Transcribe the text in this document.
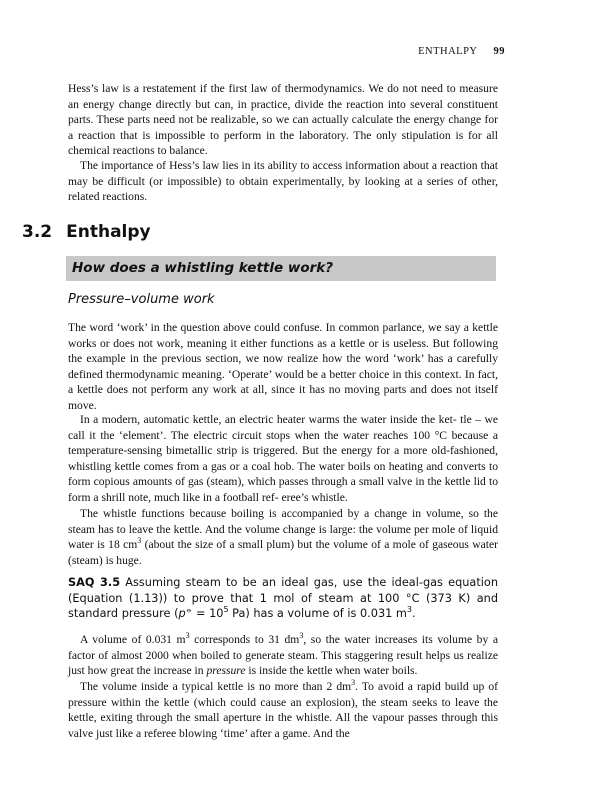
ENTHALPY 99

Hess’s law is a restatement if the first law of thermodynamics. We do not need to measure an energy change directly but can, in practice, divide the reaction into several constituent parts. These parts need not be realizable, so we can actually calculate the energy change for a reaction that is impossible to perform in the laboratory. The only stipulation is for all chemical reactions to balance.

The importance of Hess’s law lies in its ability to access information about a reaction that may be difficult (or impossible) to obtain experimentally, by looking at a series of other, related reactions.

3.2 Enthalpy
How does a whistling kettle work?
Pressure–volume work

The word ‘work’ in the question above could confuse. In common parlance, we say a kettle works or does not work, meaning it either functions as a kettle or is useless. But following the example in the previous section, we now realize how the word ‘work’ has a carefully defined thermodynamic meaning. ‘Operate’ would be a better choice in this context. In fact, a kettle does not perform any work at all, since it has no moving parts and does not itself move.

In a modern, automatic kettle, an electric heater warms the water inside the ket- tle – we call it the ‘element’. The electric circuit stops when the water reaches 100 °C because a temperature-sensing bimetallic strip is triggered. But the energy for a more old-fashioned, whistling kettle comes from a gas or a coal hob. The water boils on heating and converts to form copious amounts of gas (steam), which passes through a small valve in the kettle lid to form a shrill note, much like in a football ref- eree’s whistle.

The whistle functions because boiling is accompanied by a change in volume, so the steam has to leave the kettle. And the volume change is large: the volume per mole of liquid water is 18 $cm^3$ (about the size of a small plum) but the volume of a mole of gaseous water (steam) is huge.

SAQ 3.5 Assuming steam to be an ideal gas, use the ideal-gas equation (Equation (1.13)) to prove that 1 mol of steam at 100 °C (373 K) and standard pressure ($p^⦵ = 10^5$ Pa) has a volume of is 0.031 $m^3$.

A volume of 0.031 $m^3$ corresponds to 31 $dm^3$, so the water increases its volume by a factor of almost 2000 when boiled to generate steam. This staggering result helps us realize just how great the increase in pressure is inside the kettle when water boils.

The volume inside a typical kettle is no more than 2 $dm^3$. To avoid a rapid build up of pressure within the kettle (which could cause an explosion), the steam seeks to leave the kettle, exiting through the small aperture in the whistle. All the vapour passes through this valve just like a referee blowing ‘time’ after a game. And the
